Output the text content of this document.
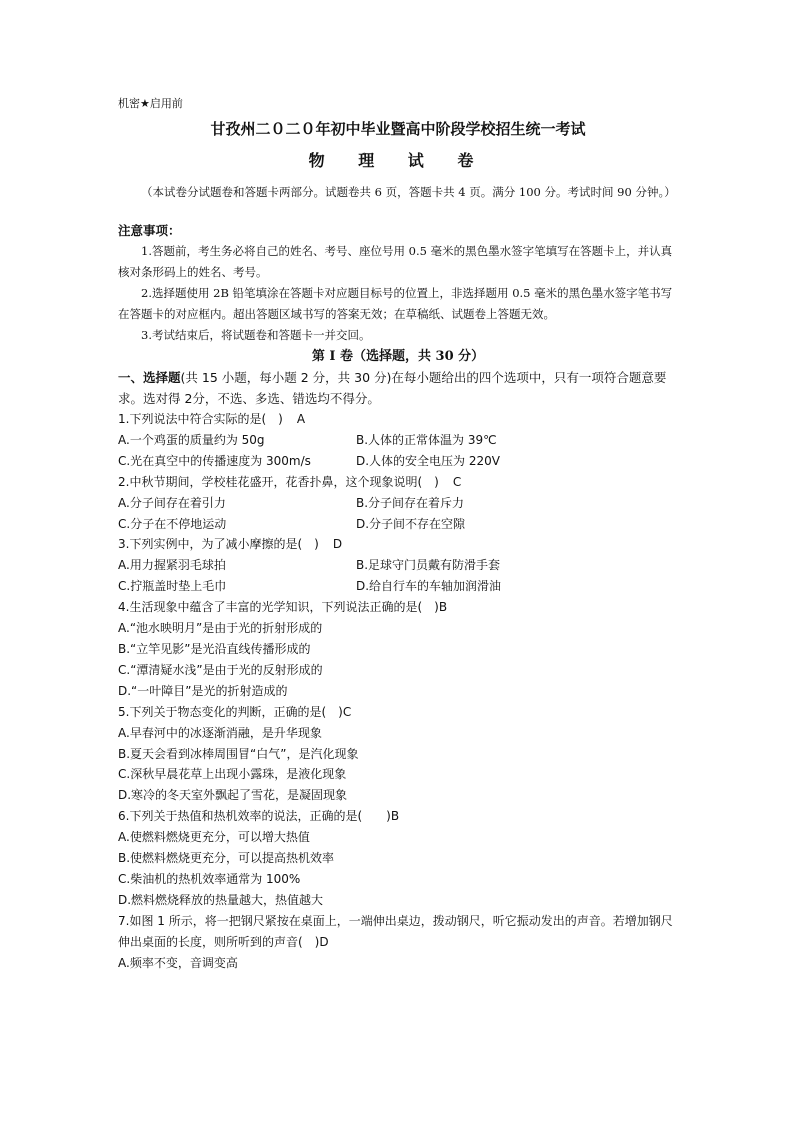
机密★启用前

甘孜州二０二０年初中毕业暨高中阶段学校招生统一考试

物 理 试 卷

（本试卷分试题卷和答题卡两部分。试题卷共 6 页，答题卡共 4 页。满分 100 分。考试时间 90 分钟。）

注意事项：

1.答题前，考生务必将自己的姓名、考号、座位号用 0.5 毫米的黑色墨水签字笔填写在答题卡上，并认真核对条形码上的姓名、考号。

2.选择题使用 2B 铅笔填涂在答题卡对应题目标号的位置上，非选择题用 0.5 毫米的黑色墨水签字笔书写在答题卡的对应框内。超出答题区域书写的答案无效；在草稿纸、试题卷上答题无效。

3.考试结束后，将试题卷和答题卡一并交回。

第 I 卷（选择题，共 30 分）

一、选择题(共 15 小题，每小题 2 分，共 30 分)在每小题给出的四个选项中，只有一项符合题意要求。选对得 2分，不选、多选、错选均不得分。

1.下列说法中符合实际的是(　) A

A.一个鸡蛋的质量约为 50g	B.人体的正常体温为 39℃
C.光在真空中的传播速度为 300m/s	D.人体的安全电压为 220V

2.中秋节期间，学校桂花盛开，花香扑鼻，这个现象说明(　) C

A.分子间存在着引力	B.分子间存在着斥力
C.分子在不停地运动	D.分子间不存在空隙

3.下列实例中，为了减小摩擦的是(　) D

A.用力握紧羽毛球拍	B.足球守门员戴有防滑手套
C.拧瓶盖时垫上毛巾	D.给自行车的车轴加润滑油

4.生活现象中蕴含了丰富的光学知识，下列说法正确的是(　)B

A.“池水映明月”是由于光的折射形成的

B.“立竿见影”是光沿直线传播形成的

C.“潭清疑水浅”是由于光的反射形成的

D.“一叶障目”是光的折射造成的

5.下列关于物态变化的判断，正确的是(　)C

A.早春河中的冰逐渐消融，是升华现象

B.夏天会看到冰棒周围冒“白气”，是汽化现象

C.深秋早晨花草上出现小露珠，是液化现象

D.寒冷的冬天室外飘起了雪花，是凝固现象

6.下列关于热值和热机效率的说法，正确的是(　　)B

A.使燃料燃烧更充分，可以增大热值

B.使燃料燃烧更充分，可以提高热机效率

C.柴油机的热机效率通常为 100%

D.燃料燃烧释放的热量越大，热值越大

7.如图 1 所示，将一把钢尺紧按在桌面上，一端伸出桌边，拨动钢尺，听它振动发出的声音。若增加钢尺伸出桌面的长度，则所听到的声音(　)D

A.频率不变，音调变高
